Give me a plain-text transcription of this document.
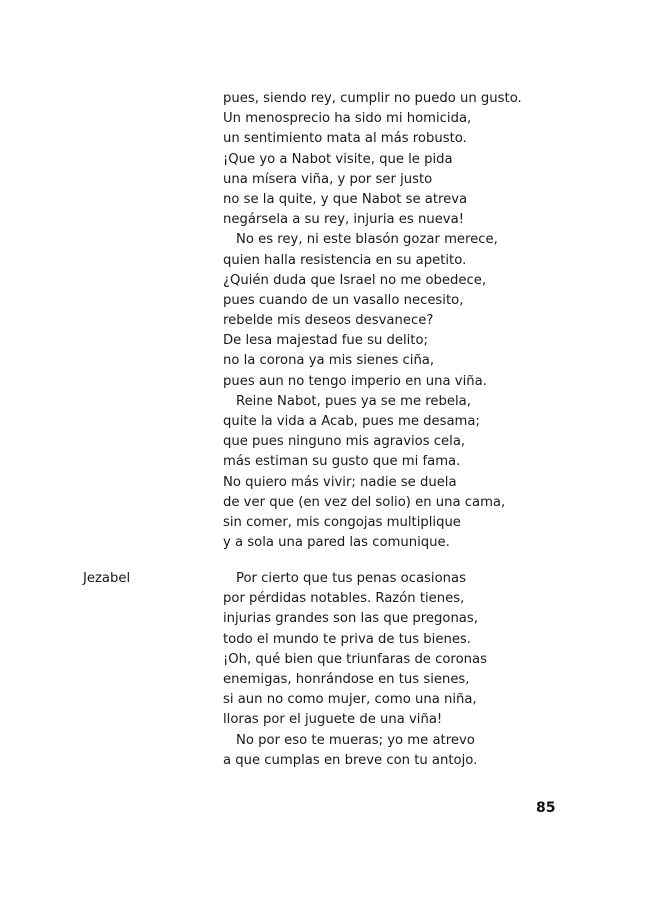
pues, siendo rey, cumplir no puedo un gusto.
Un menosprecio ha sido mi homicida,
un sentimiento mata al más robusto.
¡Que yo a Nabot visite, que le pida
una mísera viña, y por ser justo
no se la quite, y que Nabot se atreva
negársela a su rey, injuria es nueva!
No es rey, ni este blasón gozar merece,
quien halla resistencia en su apetito.
¿Quién duda que Israel no me obedece,
pues cuando de un vasallo necesito,
rebelde mis deseos desvanece?
De lesa majestad fue su delito;
no la corona ya mis sienes ciña,
pues aun no tengo imperio en una viña.
Reine Nabot, pues ya se me rebela,
quite la vida a Acab, pues me desama;
que pues ninguno mis agravios cela,
más estiman su gusto que mi fama.
No quiero más vivir; nadie se duela
de ver que (en vez del solio) en una cama,
sin comer, mis congojas multiplique
y a sola una pared las comunique.
Jezabel	Por cierto que tus penas ocasionas
por pérdidas notables. Razón tienes,
injurias grandes son las que pregonas,
todo el mundo te priva de tus bienes.
¡Oh, qué bien que triunfaras de coronas
enemigas, honrándose en tus sienes,
si aun no como mujer, como una niña,
lloras por el juguete de una viña!
No por eso te mueras; yo me atrevo
a que cumplas en breve con tu antojo.
85
